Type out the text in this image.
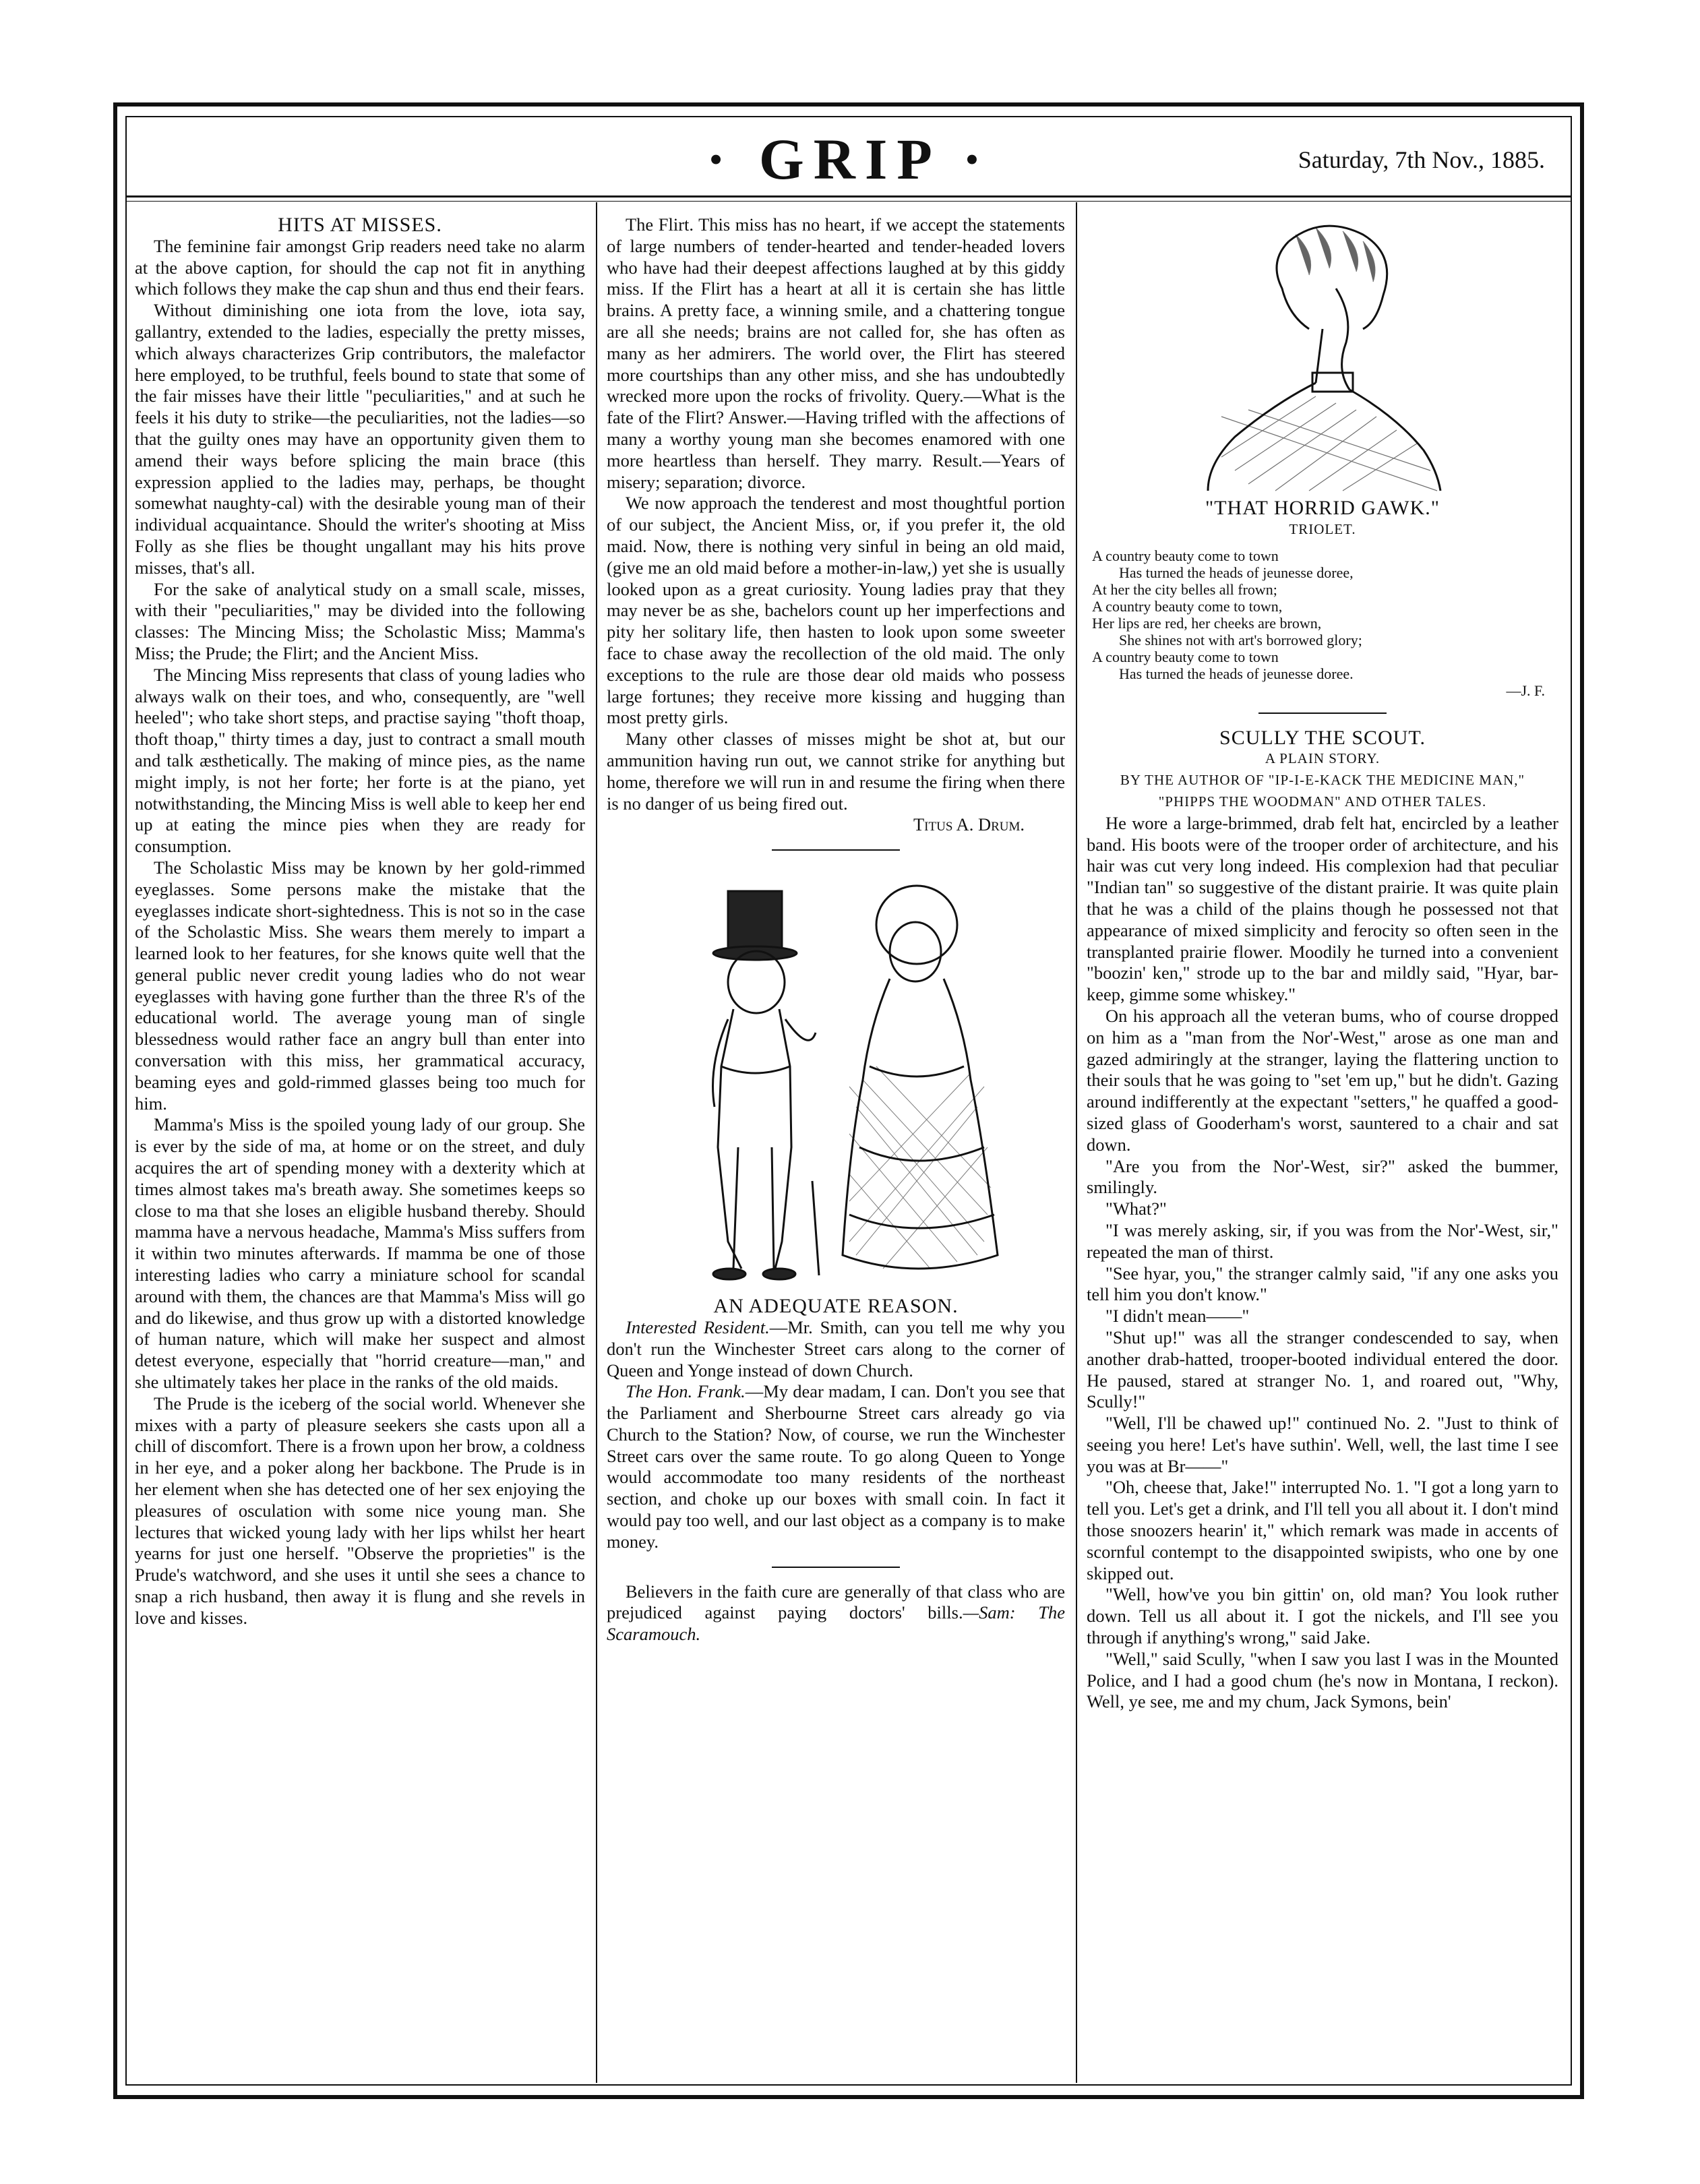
· GRIP ·	Saturday, 7th Nov., 1885.

HITS AT MISSES.

The feminine fair amongst Grip readers need take no alarm at the above caption, for should the cap not fit in anything which follows they make the cap shun and thus end their fears.

Without diminishing one iota from the love, iota say, gallantry, extended to the ladies, especially the pretty misses, which always characterizes Grip contributors, the malefactor here employed, to be truthful, feels bound to state that some of the fair misses have their little "peculiarities," and at such he feels it his duty to strike—the peculiarities, not the ladies—so that the guilty ones may have an opportunity given them to amend their ways before splicing the main brace (this expression applied to the ladies may, perhaps, be thought somewhat naughty-cal) with the desirable young man of their individual acquaintance. Should the writer's shooting at Miss Folly as she flies be thought ungallant may his hits prove misses, that's all.

For the sake of analytical study on a small scale, misses, with their "peculiarities," may be divided into the following classes: The Mincing Miss; the Scholastic Miss; Mamma's Miss; the Prude; the Flirt; and the Ancient Miss.

The Mincing Miss represents that class of young ladies who always walk on their toes, and who, consequently, are "well heeled"; who take short steps, and practise saying "thoft thoap, thoft thoap," thirty times a day, just to contract a small mouth and talk æsthetically. The making of mince pies, as the name might imply, is not her forte; her forte is at the piano, yet notwithstanding, the Mincing Miss is well able to keep her end up at eating the mince pies when they are ready for consumption.

The Scholastic Miss may be known by her gold-rimmed eyeglasses. Some persons make the mistake that the eyeglasses indicate short-sightedness. This is not so in the case of the Scholastic Miss. She wears them merely to impart a learned look to her features, for she knows quite well that the general public never credit young ladies who do not wear eyeglasses with having gone further than the three R's of the educational world. The average young man of single blessedness would rather face an angry bull than enter into conversation with this miss, her grammatical accuracy, beaming eyes and gold-rimmed glasses being too much for him.

Mamma's Miss is the spoiled young lady of our group. She is ever by the side of ma, at home or on the street, and duly acquires the art of spending money with a dexterity which at times almost takes ma's breath away. She sometimes keeps so close to ma that she loses an eligible husband thereby. Should mamma have a nervous headache, Mamma's Miss suffers from it within two minutes afterwards. If mamma be one of those interesting ladies who carry a miniature school for scandal around with them, the chances are that Mamma's Miss will go and do likewise, and thus grow up with a distorted knowledge of human nature, which will make her suspect and almost detest everyone, especially that "horrid creature—man," and she ultimately takes her place in the ranks of the old maids.

The Prude is the iceberg of the social world. Whenever she mixes with a party of pleasure seekers she casts upon all a chill of discomfort. There is a frown upon her brow, a coldness in her eye, and a poker along her backbone. The Prude is in her element when she has detected one of her sex enjoying the pleasures of osculation with some nice young man. She lectures that wicked young lady with her lips whilst her heart yearns for just one herself. "Observe the proprieties" is the Prude's watchword, and she uses it until she sees a chance to snap a rich husband, then away it is flung and she revels in love and kisses.

The Flirt. This miss has no heart, if we accept the statements of large numbers of tender-hearted and tender-headed lovers who have had their deepest affections laughed at by this giddy miss. If the Flirt has a heart at all it is certain she has little brains. A pretty face, a winning smile, and a chattering tongue are all she needs; brains are not called for, she has often as many as her admirers. The world over, the Flirt has steered more courtships than any other miss, and she has undoubtedly wrecked more upon the rocks of frivolity. Query.—What is the fate of the Flirt? Answer.—Having trifled with the affections of many a worthy young man she becomes enamored with one more heartless than herself. They marry. Result.—Years of misery; separation; divorce.

We now approach the tenderest and most thoughtful portion of our subject, the Ancient Miss, or, if you prefer it, the old maid. Now, there is nothing very sinful in being an old maid, (give me an old maid before a mother-in-law,) yet she is usually looked upon as a great curiosity. Young ladies pray that they may never be as she, bachelors count up her imperfections and pity her solitary life, then hasten to look upon some sweeter face to chase away the recollection of the old maid. The only exceptions to the rule are those dear old maids who possess large fortunes; they receive more kissing and hugging than most pretty girls.

Many other classes of misses might be shot at, but our ammunition having run out, we cannot strike for anything but home, therefore we will run in and resume the firing when there is no danger of us being fired out.

Titus A. Drum.

AN ADEQUATE REASON.

Interested Resident.—Mr. Smith, can you tell me why you don't run the Winchester Street cars along to the corner of Queen and Yonge instead of down Church.

The Hon. Frank.—My dear madam, I can. Don't you see that the Parliament and Sherbourne Street cars already go via Church to the Station? Now, of course, we run the Winchester Street cars over the same route. To go along Queen to Yonge would accommodate too many residents of the northeast section, and choke up our boxes with small coin. In fact it would pay too well, and our last object as a company is to make money.

Believers in the faith cure are generally of that class who are prejudiced against paying doctors' bills.—Sam: The Scaramouch.

"THAT HORRID GAWK."

TRIOLET.

A country beauty come to town
Has turned the heads of jeunesse doree,
At her the city belles all frown;
A country beauty come to town,
Her lips are red, her cheeks are brown,
She shines not with art's borrowed glory;
A country beauty come to town
Has turned the heads of jeunesse doree.
—J. F.

SCULLY THE SCOUT.

A PLAIN STORY.

BY THE AUTHOR OF "IP-I-E-KACK THE MEDICINE MAN," "PHIPPS THE WOODMAN" AND OTHER TALES.

He wore a large-brimmed, drab felt hat, encircled by a leather band. His boots were of the trooper order of architecture, and his hair was cut very long indeed. His complexion had that peculiar "Indian tan" so suggestive of the distant prairie. It was quite plain that he was a child of the plains though he possessed not that appearance of mixed simplicity and ferocity so often seen in the transplanted prairie flower. Moodily he turned into a convenient "boozin' ken," strode up to the bar and mildly said, "Hyar, bar-keep, gimme some whiskey."

On his approach all the veteran bums, who of course dropped on him as a "man from the Nor'-West," arose as one man and gazed admiringly at the stranger, laying the flattering unction to their souls that he was going to "set 'em up," but he didn't. Gazing around indifferently at the expectant "setters," he quaffed a good-sized glass of Gooderham's worst, sauntered to a chair and sat down.

"Are you from the Nor'-West, sir?" asked the bummer, smilingly.

"What?"

"I was merely asking, sir, if you was from the Nor'-West, sir," repeated the man of thirst.

"See hyar, you," the stranger calmly said, "if any one asks you tell him you don't know."

"I didn't mean——"

"Shut up!" was all the stranger condescended to say, when another drab-hatted, trooper-booted individual entered the door. He paused, stared at stranger No. 1, and roared out, "Why, Scully!"

"Well, I'll be chawed up!" continued No. 2. "Just to think of seeing you here! Let's have suthin'. Well, well, the last time I see you was at Br——"

"Oh, cheese that, Jake!" interrupted No. 1. "I got a long yarn to tell you. Let's get a drink, and I'll tell you all about it. I don't mind those snoozers hearin' it," which remark was made in accents of scornful contempt to the disappointed swipists, who one by one skipped out.

"Well, how've you bin gittin' on, old man? You look ruther down. Tell us all about it. I got the nickels, and I'll see you through if anything's wrong," said Jake.

"Well," said Scully, "when I saw you last I was in the Mounted Police, and I had a good chum (he's now in Montana, I reckon). Well, ye see, me and my chum, Jack Symons, bein'
